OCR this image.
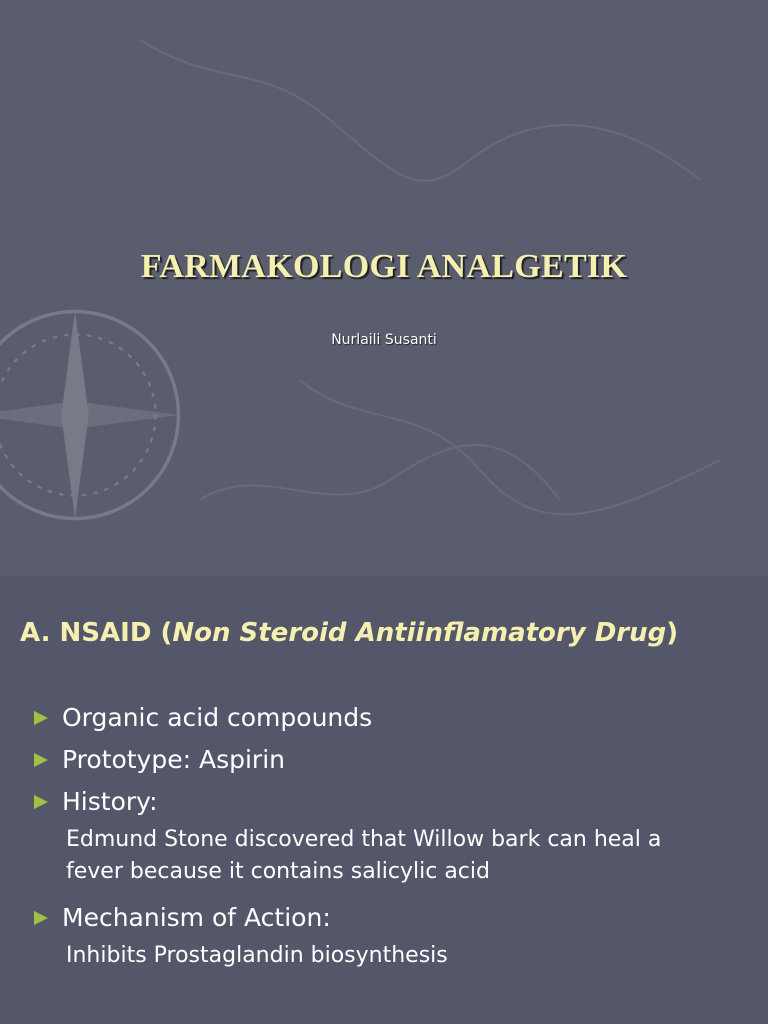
FARMAKOLOGI ANALGETIK
Nurlaili Susanti
A. NSAID (Non Steroid Antiinflamatory Drug)
Organic acid compounds
Prototype: Aspirin
History:
Edmund Stone discovered that Willow bark can heal a fever because it contains salicylic acid
Mechanism of Action:
Inhibits Prostaglandin biosynthesis
